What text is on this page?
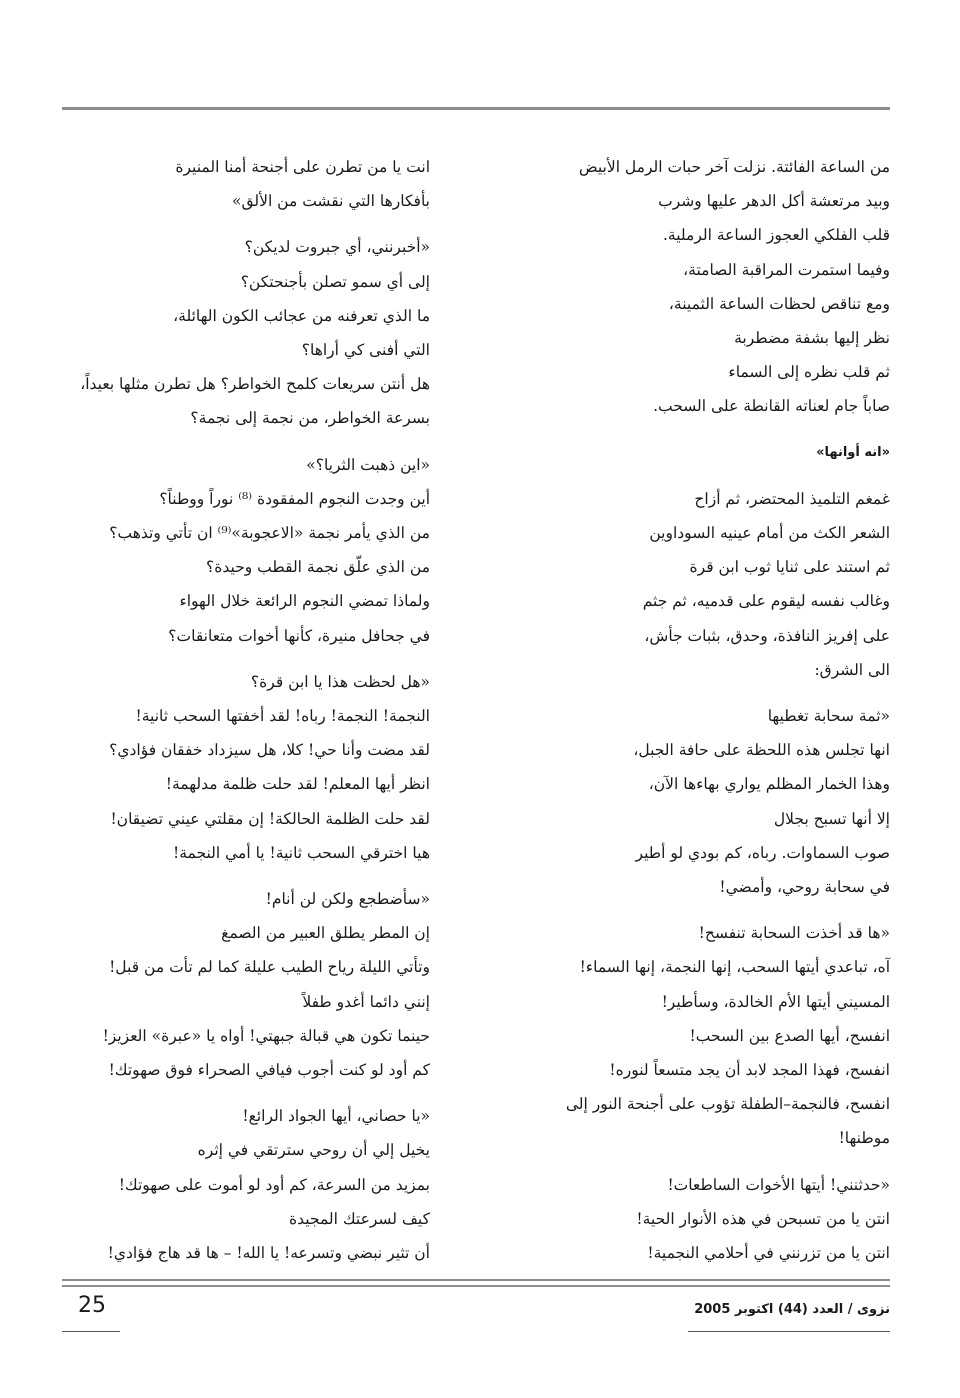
من الساعة الفائتة. نزلت آخر حبات الرمل الأبيض

وبيد مرتعشة أكل الدهر عليها وشرب

قلب الفلكي العجوز الساعة الرملية.

وفيما استمرت المراقبة الصامتة،

ومع تناقص لحظات الساعة الثمينة،

نظر إليها بشفة مضطربة

ثم قلب نظره إلى السماء

صاباً جام لعناته القانطة على السحب.

«انه أوانها»

غمغم التلميذ المحتضر، ثم أزاح

الشعر الكث من أمام عينيه السوداوين

ثم استند على ثنايا ثوب ابن قرة

وغالب نفسه ليقوم على قدميه، ثم جثم

على إفريز النافذة، وحدق، بثبات جأش،

الى الشرق:

«ثمة سحابة تغطيها

انها تجلس هذه اللحظة على حافة الجبل،

وهذا الخمار المظلم يواري بهاءها الآن،

إلا أنها تسبح بجلال

صوب السماوات. رباه، كم بودي لو أطير

في سحابة روحي، وأمضي!

«ها قد أخذت السحابة تنفسح!

آه، تباعدي أيتها السحب، إنها النجمة، إنها السماء!

المسيني أيتها الأم الخالدة، وسأطير!

انفسح، أيها الصدع بين السحب!

انفسح، فهذا المجد لابد أن يجد متسعاً لنوره!

انفسح، فالنجمة–الطفلة تؤوب على أجنحة النور إلى

موطنها!

«حدثنني! أيتها الأخوات الساطعات!

انتن يا من تسبحن في هذه الأنوار الحية!

انتن يا من تزرنني في أحلامي النجمية!

انت يا من تطرن على أجنحة أمنا المنيرة

بأفكارها التي نقشت من الألق»

«أخبرنني، أي جبروت لديكن؟

إلى أي سمو تصلن بأجنحتكن؟

ما الذي تعرفنه من عجائب الكون الهائلة،

التي أفنى كي أراها؟

هل أنتن سريعات كلمح الخواطر؟ هل تطرن مثلها بعيداً،

بسرعة الخواطر، من نجمة إلى نجمة؟

«اين ذهبت الثريا؟»

أين وجدت النجوم المفقودة ⁽⁸⁾ نوراً ووطناً؟

من الذي يأمر نجمة «الاعجوبة»⁽⁹⁾ ان تأتي وتذهب؟

من الذي علّق نجمة القطب وحيدة؟

ولماذا تمضي النجوم الرائعة خلال الهواء

في جحافل منيرة، كأنها أخوات متعانقات؟

«هل لحظت هذا يا ابن قرة؟

النجمة! النجمة! رباه! لقد أخفتها السحب ثانية!

لقد مضت وأنا حي! كلا، هل سيزداد خفقان فؤادي؟

انظر أيها المعلم! لقد حلت ظلمة مدلهمة!

لقد حلت الظلمة الحالكة! إن مقلتي عيني تضيقان!

هيا اخترقي السحب ثانية! يا أمي النجمة!

«سأضطجع ولكن لن أنام!

إن المطر يطلق العبير من الصمغ

وتأتي الليلة رياح الطيب عليلة كما لم تأت من قبل!

إنني دائما أغدو طفلاً

حينما تكون هي قبالة جبهتي! أواه يا «عبرة» العزيز!

كم أود لو كنت أجوب فيافي الصحراء فوق صهوتك!

«يا حصاني، أيها الجواد الرائع!

يخيل إلي أن روحي سترتقي في إثره

بمزيد من السرعة، كم أود لو أموت على صهوتك!

كيف لسرعتك المجيدة

أن تثير نبضي وتسرعه! يا الله! – ها قد هاج فؤادي!

25	نزوى / العدد (44) اكتوبر 2005
